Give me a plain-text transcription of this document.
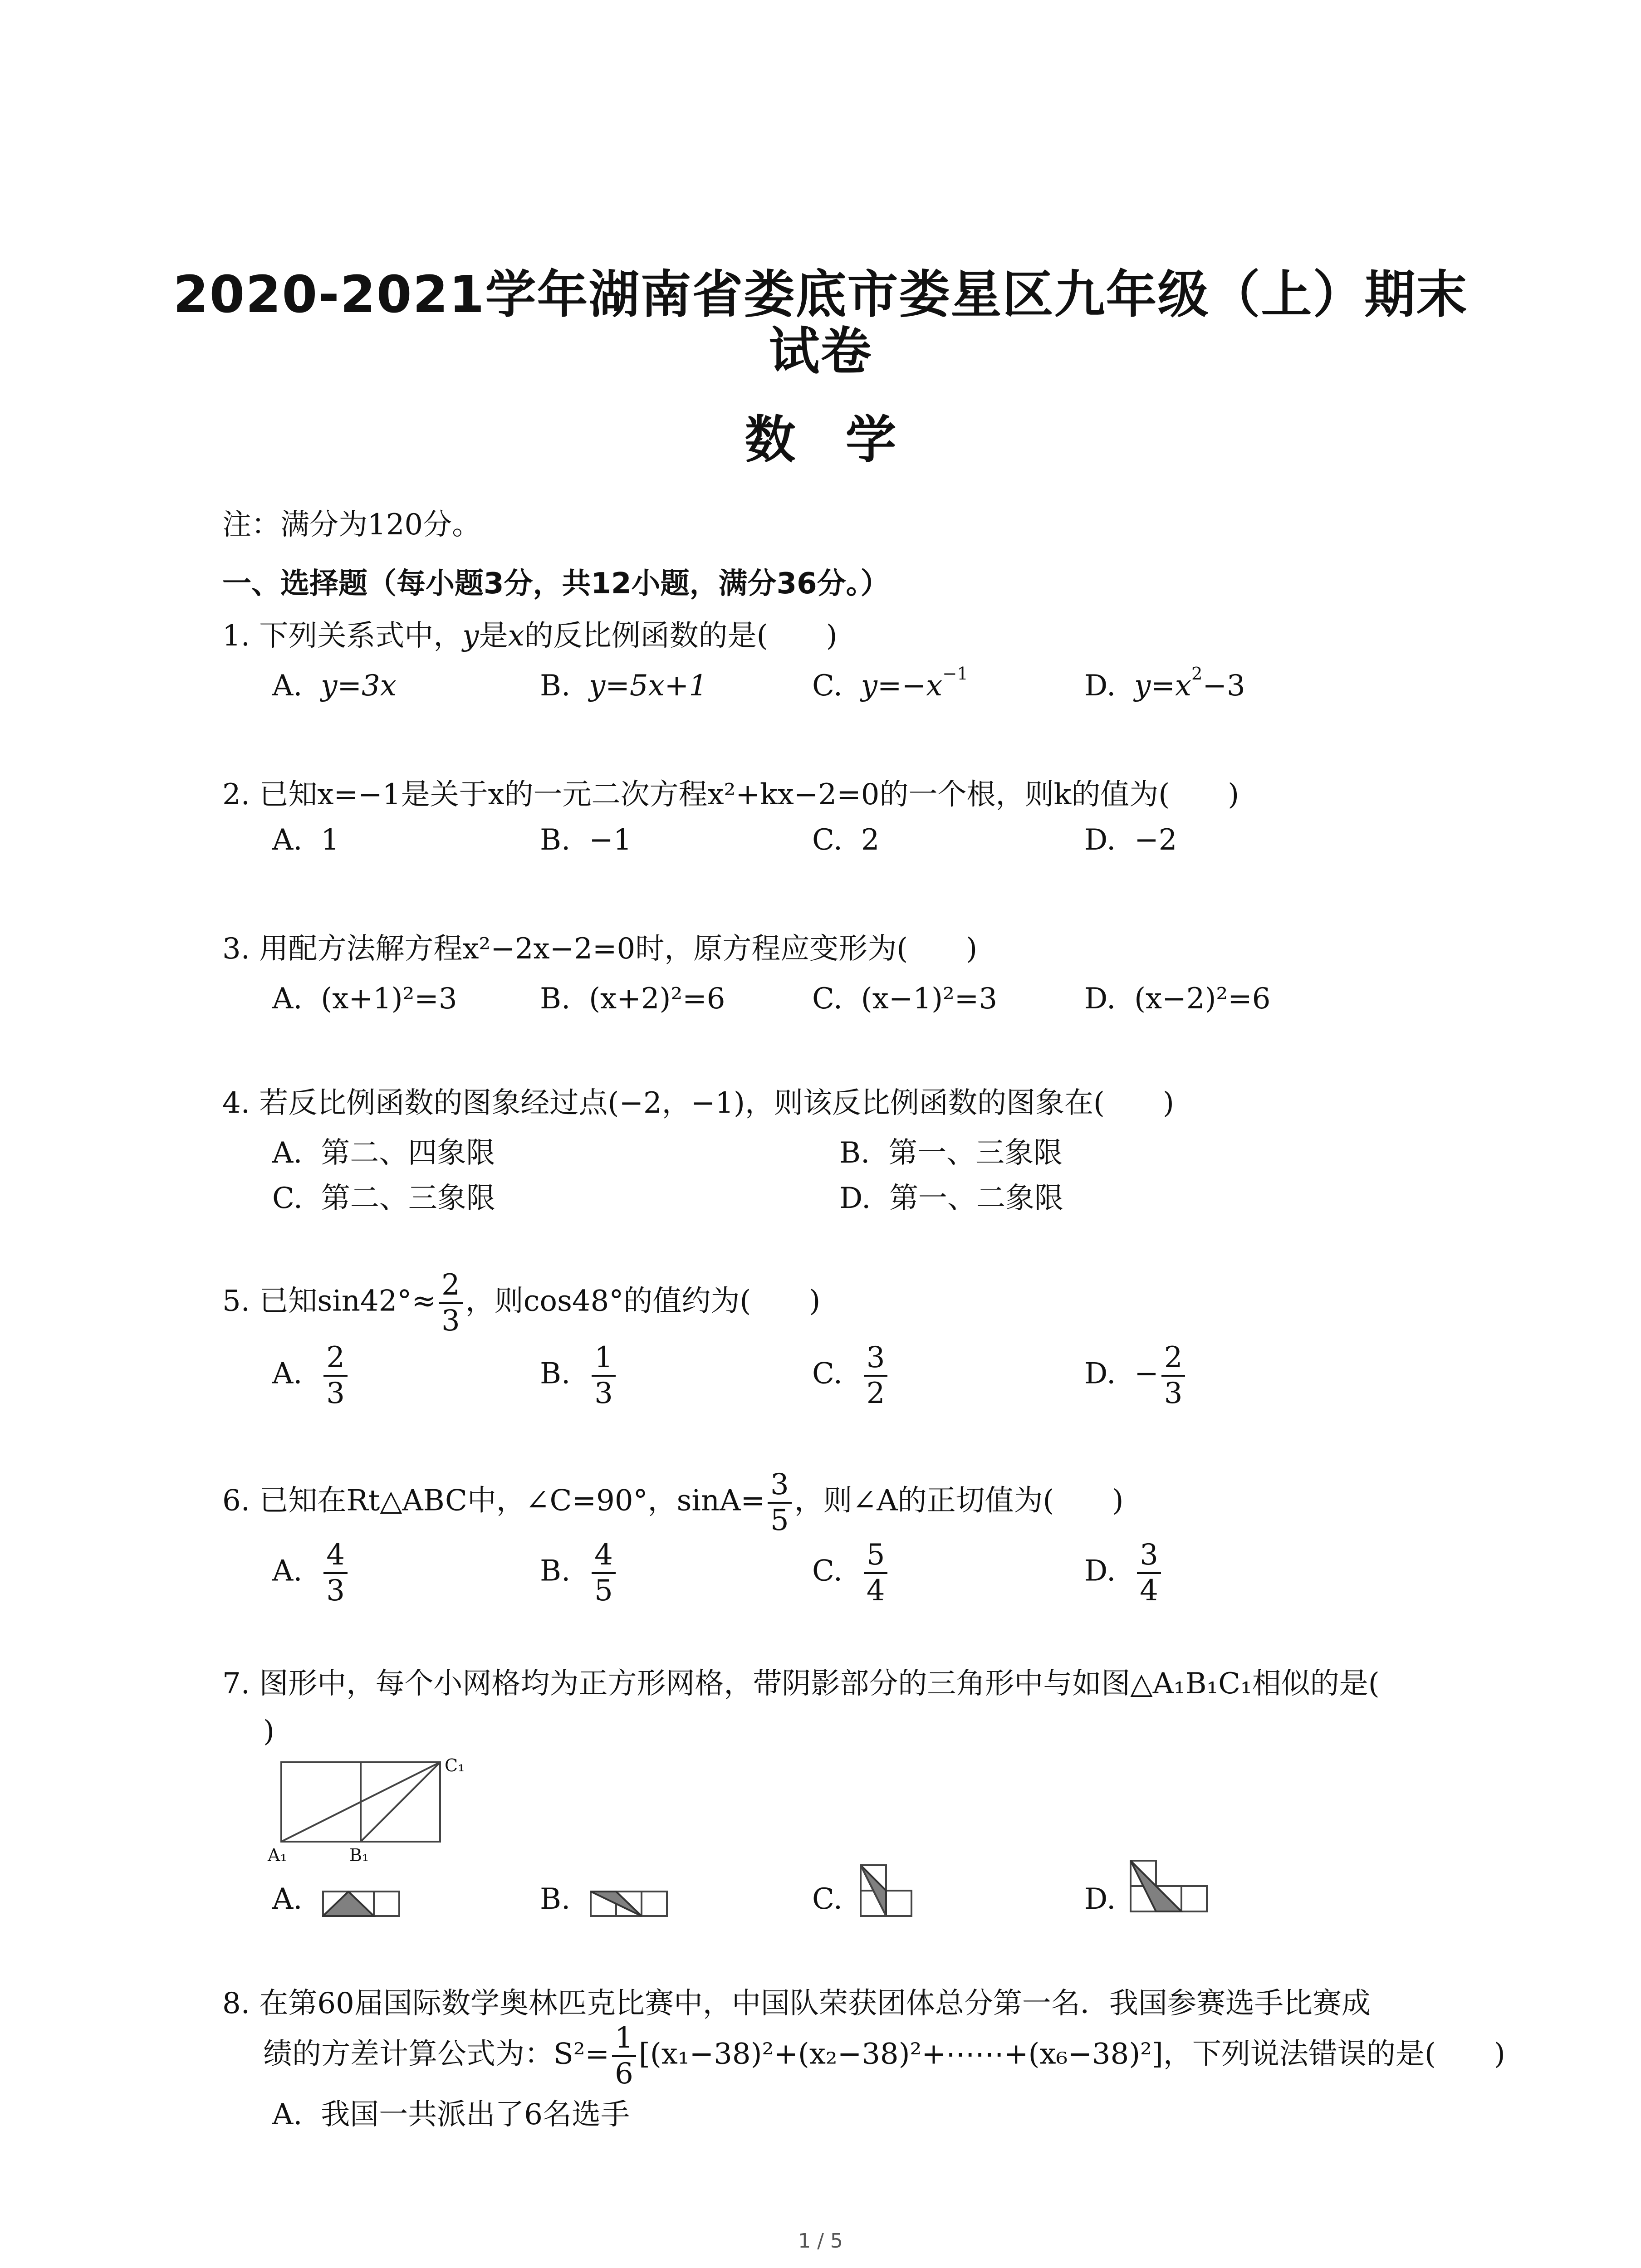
2020-2021学年湖南省娄底市娄星区九年级（上）期末
试卷
数学
注：满分为120分。
一、选择题（每小题3分，共12小题，满分36分。）
1. 下列关系式中，y是x的反比例函数的是(　　)
A. y=3x	B. y=5x+1	C. $y=-x^{-1}$	D. $y=x^2-3$
2. 已知x=−1是关于x的一元二次方程x²+kx−2=0的一个根，则k的值为(　　)
A. 1	B. −1	C. 2	D. −2
3. 用配方法解方程x²−2x−2=0时，原方程应变形为(　　)
A. (x+1)²=3	B. (x+2)²=6	C. (x−1)²=3	D. (x−2)²=6
4. 若反比例函数的图象经过点(−2，−1)，则该反比例函数的图象在(　　)
A. 第二、四象限	B. 第一、三象限
C. 第二、三象限	D. 第一、二象限
5. 已知$\sin 42^\circ\approx \frac{2}{3}$ ，则cos48°的值约为(　　)
A. $\frac{2}{3}$	B. $\frac{1}{3}$	C. $\frac{3}{2}$	D. − $\frac{2}{3}$
6. 已知在Rt△ABC中，∠C=90°，$\sin A= \frac{3}{5}$ ，则∠A的正切值为(　　)
A. $\frac{4}{3}$	B. $\frac{4}{5}$	C. $\frac{5}{4}$	D. $\frac{3}{4}$
7. 图形中，每个小网格均为正方形网格，带阴影部分的三角形中与如图△A₁B₁C₁相似的是(
)
C₁
A₁	B₁
A.	B.	C.	D.
8. 在第60届国际数学奥林匹克比赛中，中国队荣获团体总分第一名．我国参赛选手比赛成
绩的方差计算公式为：$S^2= \frac{1}{6}$ [(x₁−38)²+(x₂−38)²+⋯⋯+(x₆−38)²]，下列说法错误的是(　　)
A. 我国一共派出了6名选手
1 / 5
